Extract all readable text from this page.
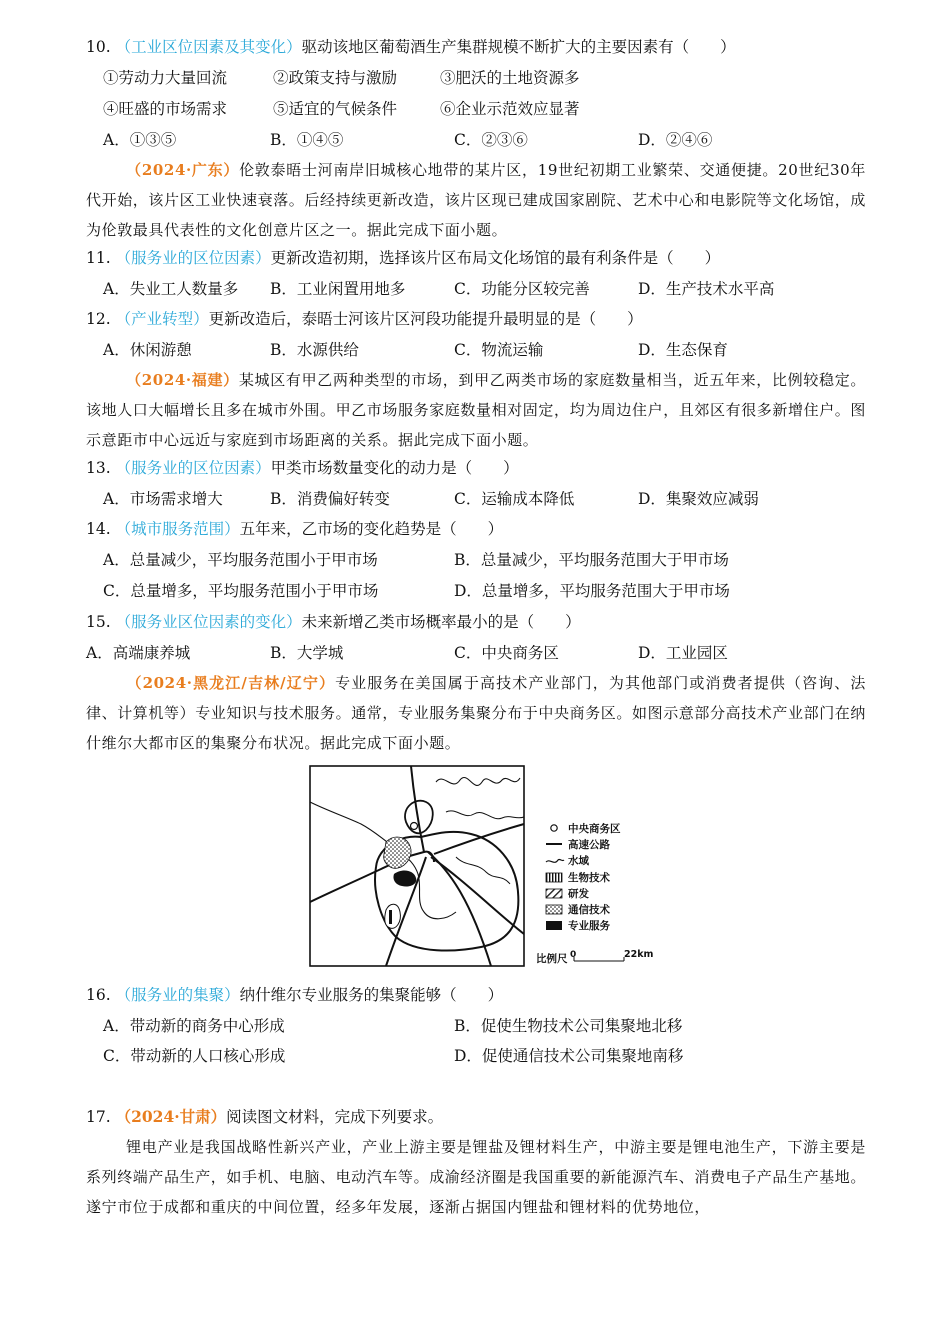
10. （工业区位因素及其变化）驱动该地区葡萄酒生产集群规模不断扩大的主要因素有（　　）
①劳动力大量回流	②政策支持与激励	③肥沃的土地资源多
④旺盛的市场需求	⑤适宜的气候条件	⑥企业示范效应显著
A．①③⑤	B．①④⑤	C．②③⑥	D．②④⑥
（2024·广东）伦敦泰晤士河南岸旧城核心地带的某片区，19世纪初期工业繁荣、交通便捷。20世纪30年代开始，该片区工业快速衰落。后经持续更新改造，该片区现已建成国家剧院、艺术中心和电影院等文化场馆，成为伦敦最具代表性的文化创意片区之一。据此完成下面小题。
11. （服务业的区位因素）更新改造初期，选择该片区布局文化场馆的最有利条件是（　　）
A．失业工人数量多 B．工业闲置用地多	C．功能分区较完善	D．生产技术水平高
12. （产业转型）更新改造后，泰晤士河该片区河段功能提升最明显的是（　　）
A．休闲游憩	B．水源供给	C．物流运输	D．生态保育
（2024·福建）某城区有甲乙两种类型的市场，到甲乙两类市场的家庭数量相当，近五年来，比例较稳定。该地人口大幅增长且多在城市外围。甲乙市场服务家庭数量相对固定，均为周边住户，且郊区有很多新增住户。图示意距市中心远近与家庭到市场距离的关系。据此完成下面小题。
13. （服务业的区位因素）甲类市场数量变化的动力是（　　）
A．市场需求增大	B．消费偏好转变	C．运输成本降低	D．集聚效应减弱
14. （城市服务范围）五年来，乙市场的变化趋势是（　　）
A．总量减少，平均服务范围小于甲市场	B．总量减少，平均服务范围大于甲市场
C．总量增多，平均服务范围小于甲市场	D．总量增多，平均服务范围大于甲市场
15. （服务业区位因素的变化）未来新增乙类市场概率最小的是（　　）
A．高端康养城	B．大学城	C．中央商务区	D．工业园区
（2024·黑龙江/吉林/辽宁）专业服务在美国属于高技术产业部门，为其他部门或消费者提供（咨询、法律、计算机等）专业知识与技术服务。通常，专业服务集聚分布于中央商务区。如图示意部分高技术产业部门在纳什维尔大都市区的集聚分布状况。据此完成下面小题。
中央商务区
高速公路
水域
生物技术
研发
通信技术
专业服务
比例尺 0	22km
16. （服务业的集聚）纳什维尔专业服务的集聚能够（　　）
A．带动新的商务中心形成	B．促使生物技术公司集聚地北移
C．带动新的人口核心形成	D．促使通信技术公司集聚地南移
17. （2024·甘肃）阅读图文材料，完成下列要求。
锂电产业是我国战略性新兴产业，产业上游主要是锂盐及锂材料生产，中游主要是锂电池生产，下游主要是系列终端产品生产，如手机、电脑、电动汽车等。成渝经济圈是我国重要的新能源汽车、消费电子产品生产基地。遂宁市位于成都和重庆的中间位置，经多年发展，逐渐占据国内锂盐和锂材料的优势地位，
